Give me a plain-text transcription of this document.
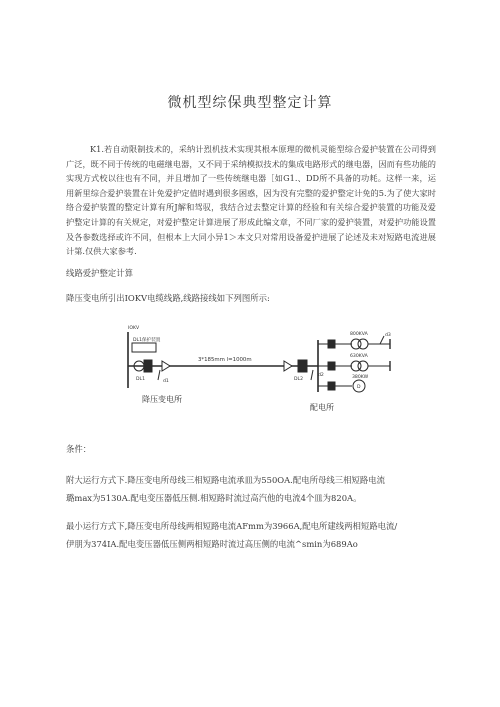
微机型综保典型整定计算
K1.若自动限制技术的，采纳计烈机技术实现其根本原理的微机灵能型综合爱护装置在公司得到广泛，既不同于传统的电磁继电器，又不同于采纳模拟技术的集成电路形式的继电器，因而有些功能的实现方式校以往也有不同，并且增加了一些传统继电器［如G1.、DD所不具备的功耗。这样一来，运用新里综合爱护装置在计免爱护定值时遇到很多困惑，因为没有完整的爱护整定计免的5.为了使大家时络合爱护装置的整定计算有所J解和驾驭，我结合过去整定计算的经验和有关综合爱护装置的功能及爱护整定计算的有关规定，对爱护整定计算进展了形成此编文章，不同厂家的爱护装置，对爱护功能设置及各参数选择或许不同，但根本上大同小异1＞本文只对常用设备爱护进展了论述及未对短路电流进展计第.仅供大家参考.
线路爱护整定计算
降压变电所引出IOKV电缆线路,线路接线如下列图所示:
IOKV
DL1保护装置
DL1	d1
3*185mm l=1000m
DL2
d2
d3
800KVA
630KVA
380KW
D
降压变电所
配电所
条件：
附大运行方式下.降压变电所母线三相短路电流承皿为550OA.配电所母线三相短路电流
璐max为5130A.配电变压器低压侧.相短路时流过高汽他的电流4个皿为820A。
最小运行方式下,降压变电所母线两相短路电流AFmm为3966A,配电所建线两相短路电流/
伊朋为374IA.配电变压器低压侧两相短路时流过高压侧的电流^smin为689Ao
